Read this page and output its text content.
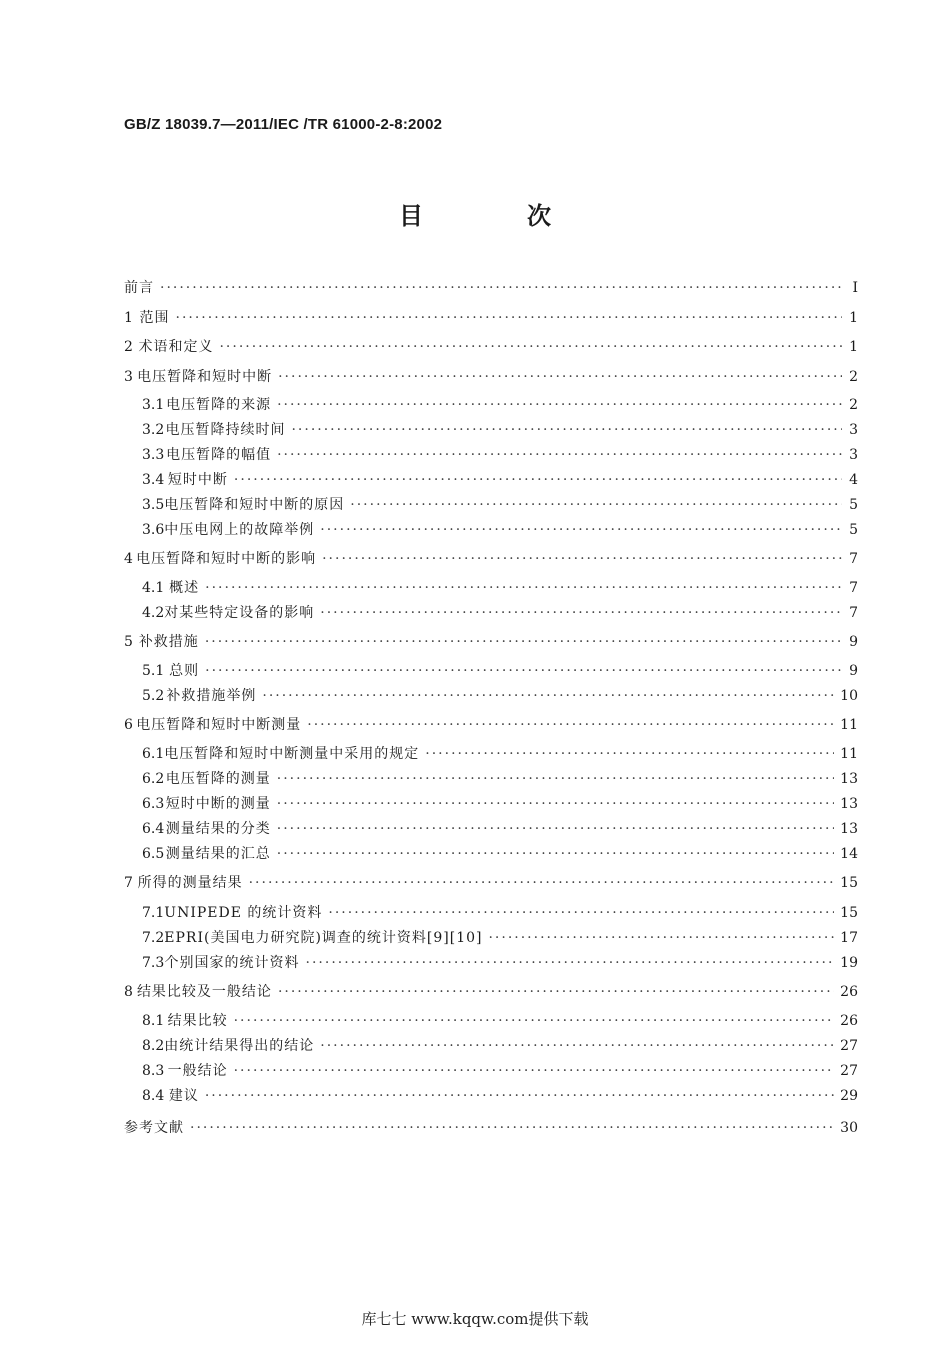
GB/Z 18039.7—2011/IEC /TR 61000-2-8:2002
目　次
前言 ·····	Ⅰ
1 范围 ·····	1
2 术语和定义 ·····	1
3 电压暂降和短时中断 ·····	2
3.1 电压暂降的来源 ·····	2
3.2 电压暂降持续时间 ·····	3
3.3 电压暂降的幅值 ·····	3
3.4 短时中断 ·····	4
3.5 电压暂降和短时中断的原因 ·····	5
3.6 中压电网上的故障举例 ·····	5
4 电压暂降和短时中断的影响 ·····	7
4.1 概述 ·····	7
4.2 对某些特定设备的影响 ·····	7
5 补救措施 ·····	9
5.1 总则 ·····	9
5.2 补救措施举例 ·····	10
6 电压暂降和短时中断测量 ·····	11
6.1 电压暂降和短时中断测量中采用的规定 ·····	11
6.2 电压暂降的测量 ·····	13
6.3 短时中断的测量 ·····	13
6.4 测量结果的分类 ·····	13
6.5 测量结果的汇总 ·····	14
7 所得的测量结果 ·····	15
7.1 UNIPEDE 的统计资料 ·····	15
7.2 EPRI(美国电力研究院)调查的统计资料[9][10] ·····	17
7.3 个别国家的统计资料 ·····	19
8 结果比较及一般结论 ·····	26
8.1 结果比较 ·····	26
8.2 由统计结果得出的结论 ·····	27
8.3 一般结论 ·····	27
8.4 建议 ·····	29
参考文献 ·····	30
库七七 www.kqqw.com提供下载
